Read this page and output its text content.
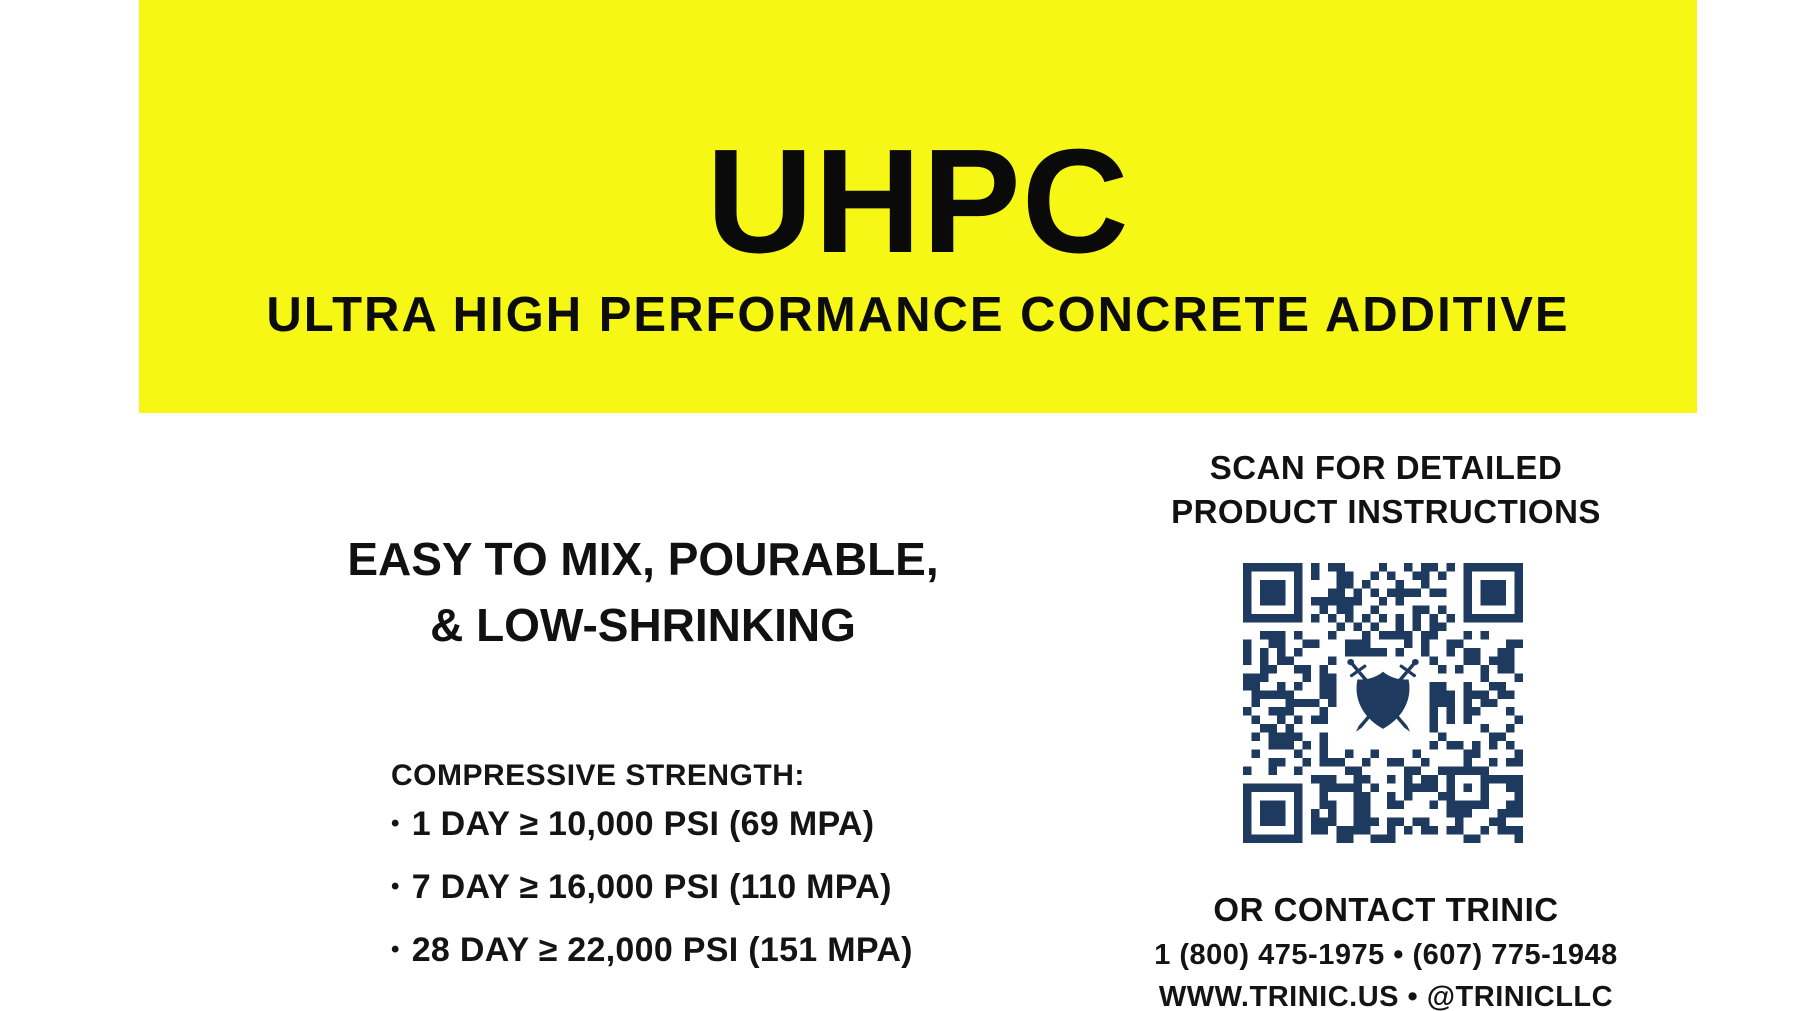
UHPC
ULTRA HIGH PERFORMANCE CONCRETE ADDITIVE
EASY TO MIX, POURABLE,
& LOW-SHRINKING
COMPRESSIVE STRENGTH:
• 1 DAY ≥ 10,000 PSI (69 MPA)
• 7 DAY ≥ 16,000 PSI (110 MPA)
• 28 DAY ≥ 22,000 PSI (151 MPA)
SCAN FOR DETAILED
PRODUCT INSTRUCTIONS
OR CONTACT TRINIC
1 (800) 475-1975 • (607) 775-1948
WWW.TRINIC.US • @TRINICLLC
